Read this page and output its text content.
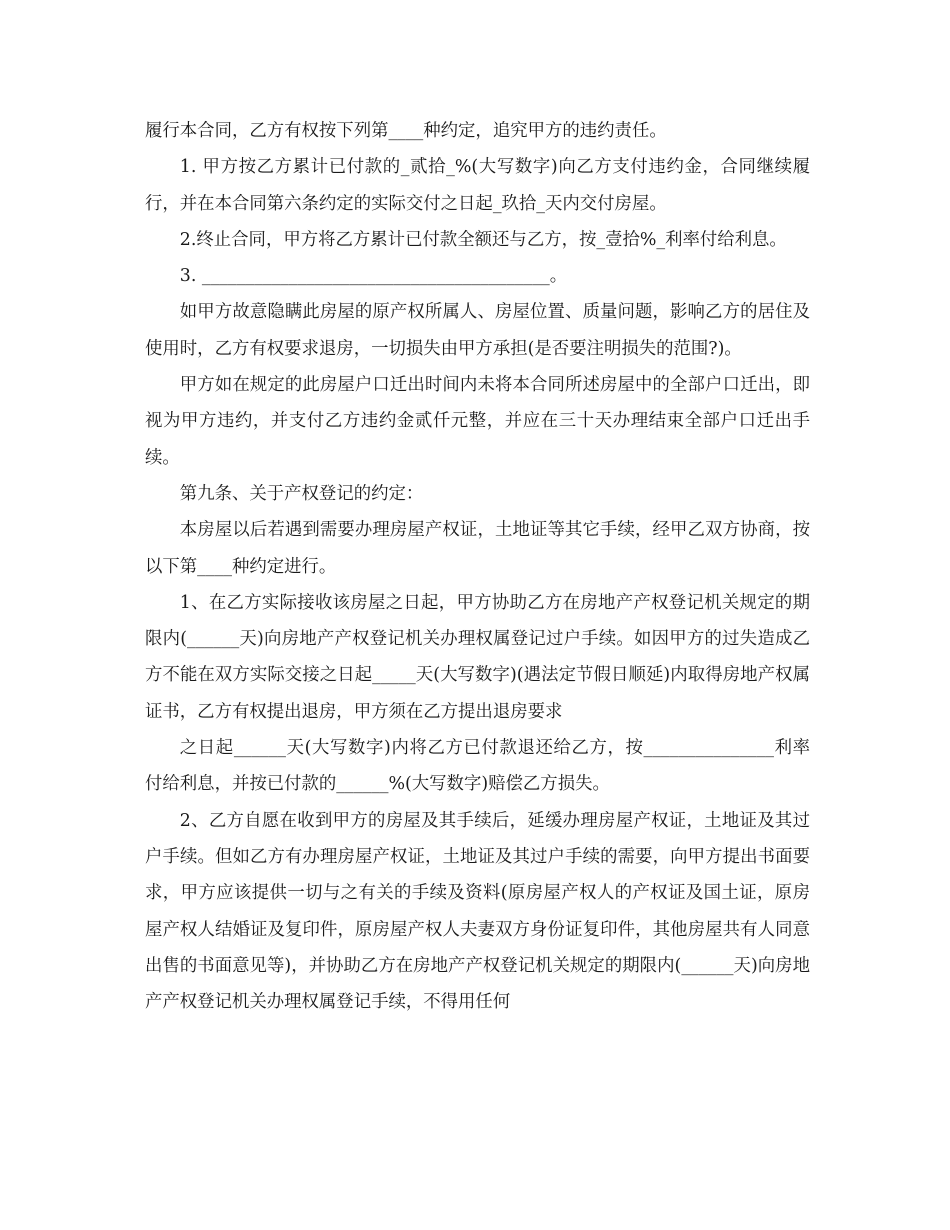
履行本合同，乙方有权按下列第____种约定，追究甲方的违约责任。

1. 甲方按乙方累计已付款的_贰拾_%(大写数字)向乙方支付违约金，合同继续履行，并在本合同第六条约定的实际交付之日起_玖拾_天内交付房屋。

2.终止合同，甲方将乙方累计已付款全额还与乙方，按_壹拾%_利率付给利息。

3. ________________________________________。

如甲方故意隐瞒此房屋的原产权所属人、房屋位置、质量问题，影响乙方的居住及使用时，乙方有权要求退房，一切损失由甲方承担(是否要注明损失的范围?)。

甲方如在规定的此房屋户口迁出时间内未将本合同所述房屋中的全部户口迁出，即视为甲方违约，并支付乙方违约金贰仟元整，并应在三十天办理结束全部户口迁出手续。

第九条、关于产权登记的约定：

本房屋以后若遇到需要办理房屋产权证，土地证等其它手续，经甲乙双方协商，按以下第____种约定进行。

1、在乙方实际接收该房屋之日起，甲方协助乙方在房地产产权登记机关规定的期限内(______天)向房地产产权登记机关办理权属登记过户手续。如因甲方的过失造成乙方不能在双方实际交接之日起_____天(大写数字)(遇法定节假日顺延)内取得房地产权属证书，乙方有权提出退房，甲方须在乙方提出退房要求

之日起______天(大写数字)内将乙方已付款退还给乙方，按_______________利率付给利息，并按已付款的______%(大写数字)赔偿乙方损失。

2、乙方自愿在收到甲方的房屋及其手续后，延缓办理房屋产权证，土地证及其过户手续。但如乙方有办理房屋产权证，土地证及其过户手续的需要，向甲方提出书面要求，甲方应该提供一切与之有关的手续及资料(原房屋产权人的产权证及国土证，原房屋产权人结婚证及复印件，原房屋产权人夫妻双方身份证复印件，其他房屋共有人同意出售的书面意见等)，并协助乙方在房地产产权登记机关规定的期限内(______天)向房地产产权登记机关办理权属登记手续，不得用任何
